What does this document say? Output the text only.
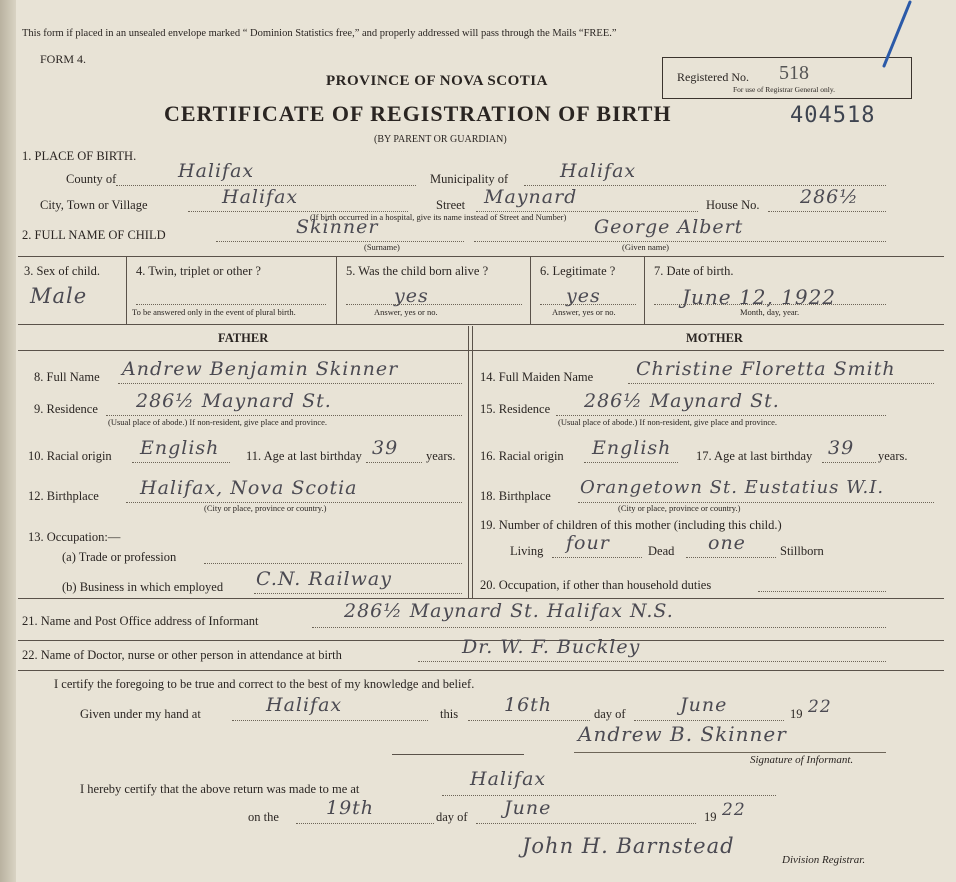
This form if placed in an unsealed envelope marked “ Dominion Statistics free,” and properly addressed will pass through the Mails “FREE.”
FORM 4.
PROVINCE OF NOVA SCOTIA
CERTIFICATE OF REGISTRATION OF BIRTH
(BY PARENT OR GUARDIAN)
Registered No. 518
For use of Registrar General only.
404518
1. PLACE OF BIRTH.
County of	Halifax	Municipality of	Halifax
City, Town or Village	Halifax	Street Maynard	House No. 286½
(If birth occurred in a hospital, give its name instead of Street and Number)
2. FULL NAME OF CHILD	Skinner
(Surname)
George Albert
(Given name)
3. Sex of child.
Male
4. Twin, triplet or other ?
To be answered only in the event of plural birth.
5. Was the child born alive ?
yes
Answer, yes or no.
6. Legitimate ?
yes
Answer, yes or no.
7. Date of birth.
June 12, 1922
Month, day, year.
FATHER	MOTHER
8. Full Name Andrew Benjamin Skinner
9. Residence 286½ Maynard St.
(Usual place of abode.) If non-resident, give place and province.
10. Racial origin English 11. Age at last birthday 39 years.
12. Birthplace Halifax, Nova Scotia
(City or place, province or country.)
13. Occupation:—
(a) Trade or profession
(b) Business in which employed C.N. Railway
14. Full Maiden Name Christine Floretta Smith
15. Residence 286½ Maynard St.
(Usual place of abode.) If non-resident, give place and province.
16. Racial origin English 17. Age at last birthday 39 years.
18. Birthplace Orangetown St. Eustatius W.I.
(City or place, province or country.)
19. Number of children of this mother (including this child.)
Living four	Dead one	Stillborn
20. Occupation, if other than household duties
21. Name and Post Office address of Informant	286½ Maynard St. Halifax N.S.
22. Name of Doctor, nurse or other person in attendance at birth	Dr. W. F. Buckley
I certify the foregoing to be true and correct to the best of my knowledge and belief.
Given under my hand at	Halifax	this 16th	day of	June	19 22
Andrew B. Skinner
Signature of Informant.
I hereby certify that the above return was made to me at	Halifax
on the 19th	day of June	19 22
John H. Barnstead
Division Registrar.
